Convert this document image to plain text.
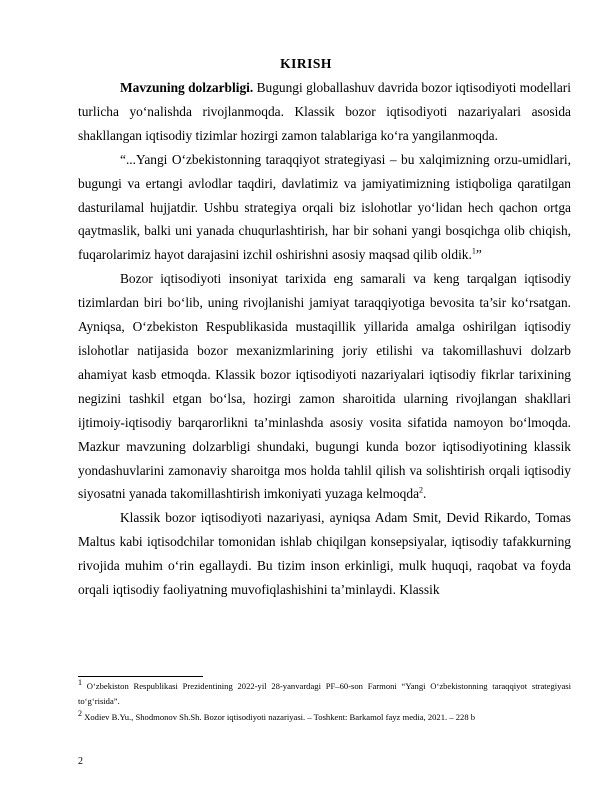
KIRISH

Mavzuning dolzarbligi. Bugungi globallashuv davrida bozor iqtisodiyoti modellari turlicha yo‘nalishda rivojlanmoqda. Klassik bozor iqtisodiyoti nazariyalari asosida shakllangan iqtisodiy tizimlar hozirgi zamon talablariga ko‘ra yangilanmoqda.

“...Yangi O‘zbekistonning taraqqiyot strategiyasi – bu xalqimizning orzu-umidlari, bugungi va ertangi avlodlar taqdiri, davlatimiz va jamiyatimizning istiqboliga qaratilgan dasturilamal hujjatdir. Ushbu strategiya orqali biz islohotlar yo‘lidan hech qachon ortga qaytmaslik, balki uni yanada chuqurlashtirish, har bir sohani yangi bosqichga olib chiqish, fuqarolarimiz hayot darajasini izchil oshirishni asosiy maqsad qilib oldik.$^1$”

Bozor iqtisodiyoti insoniyat tarixida eng samarali va keng tarqalgan iqtisodiy tizimlardan biri bo‘lib, uning rivojlanishi jamiyat taraqqiyotiga bevosita ta’sir ko‘rsatgan. Ayniqsa, O‘zbekiston Respublikasida mustaqillik yillarida amalga oshirilgan iqtisodiy islohotlar natijasida bozor mexanizmlarining joriy etilishi va takomillashuvi dolzarb ahamiyat kasb etmoqda. Klassik bozor iqtisodiyoti nazariyalari iqtisodiy fikrlar tarixining negizini tashkil etgan bo‘lsa, hozirgi zamon sharoitida ularning rivojlangan shakllari ijtimoiy-iqtisodiy barqarorlikni ta’minlashda asosiy vosita sifatida namoyon bo‘lmoqda. Mazkur mavzuning dolzarbligi shundaki, bugungi kunda bozor iqtisodiyotining klassik yondashuvlarini zamonaviy sharoitga mos holda tahlil qilish va solishtirish orqali iqtisodiy siyosatni yanada takomillashtirish imkoniyati yuzaga kelmoqda$^2$.

Klassik bozor iqtisodiyoti nazariyasi, ayniqsa Adam Smit, Devid Rikardo, Tomas Maltus kabi iqtisodchilar tomonidan ishlab chiqilgan konsepsiyalar, iqtisodiy tafakkurning rivojida muhim o‘rin egallaydi. Bu tizim inson erkinligi, mulk huquqi, raqobat va foyda orqali iqtisodiy faoliyatning muvofiqlashishini ta’minlaydi. Klassik

$^1$ O‘zbekiston Respublikasi Prezidentining 2022-yil 28-yanvardagi PF–60-son Farmoni “Yangi O‘zbekistonning taraqqiyot strategiyasi to‘g‘risida”.

$^2$ Xodiev B.Yu., Shodmonov Sh.Sh. Bozor iqtisodiyoti nazariyasi. – Toshkent: Barkamol fayz media, 2021. – 228 b

2
